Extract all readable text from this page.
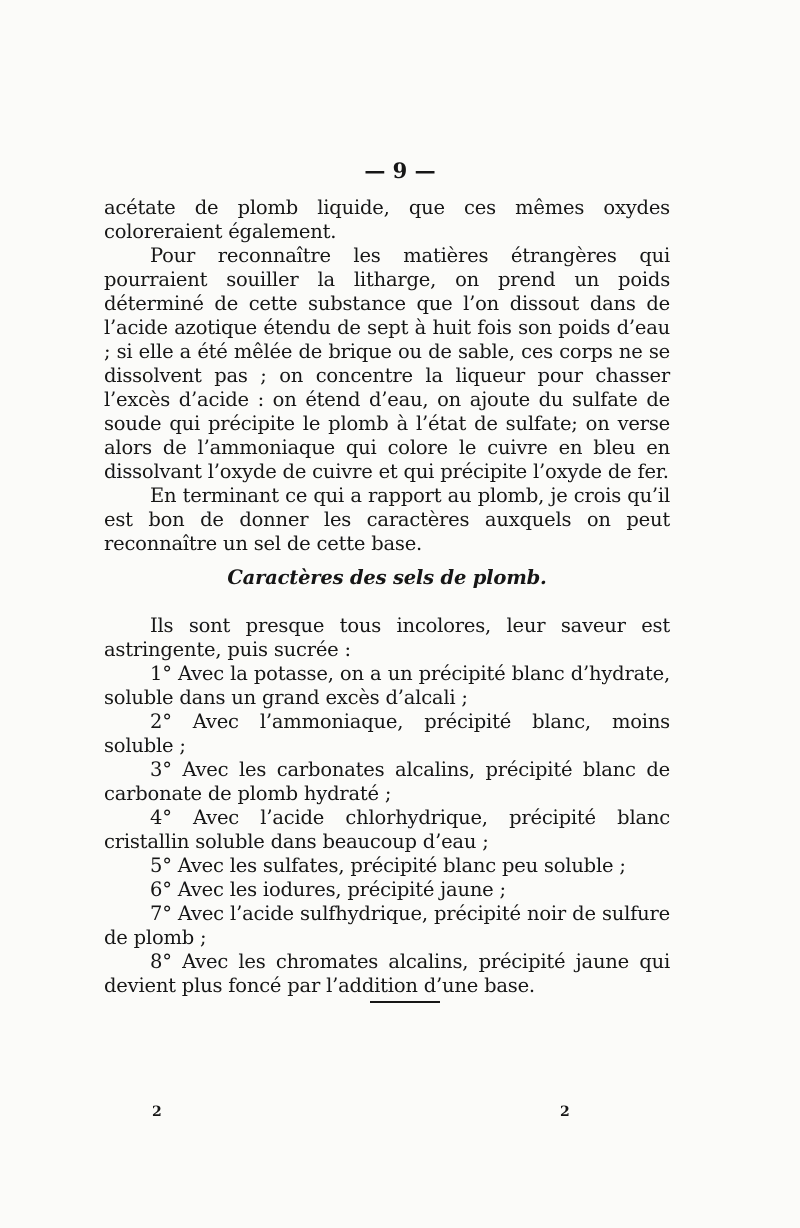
— 9 —

acétate de plomb liquide, que ces mêmes oxydes coloreraient également.

Pour reconnaître les matières étrangères qui pourraient souiller la litharge, on prend un poids déterminé de cette substance que l’on dissout dans de l’acide azotique étendu de sept à huit fois son poids d’eau ; si elle a été mêlée de brique ou de sable, ces corps ne se dissolvent pas ; on concentre la liqueur pour chasser l’excès d’acide : on étend d’eau, on ajoute du sulfate de soude qui précipite le plomb à l’état de sulfate; on verse alors de l’ammoniaque qui colore le cuivre en bleu en dissolvant l’oxyde de cuivre et qui précipite l’oxyde de fer.

En terminant ce qui a rapport au plomb, je crois qu’il est bon de donner les caractères auxquels on peut reconnaître un sel de cette base.

Caractères des sels de plomb.

Ils sont presque tous incolores, leur saveur est astringente, puis sucrée :

1° Avec la potasse, on a un précipité blanc d’hydrate, soluble dans un grand excès d’alcali ;

2° Avec l’ammoniaque, précipité blanc, moins soluble ;

3° Avec les carbonates alcalins, précipité blanc de carbonate de plomb hydraté ;

4° Avec l’acide chlorhydrique, précipité blanc cristallin soluble dans beaucoup d’eau ;

5° Avec les sulfates, précipité blanc peu soluble ;

6° Avec les iodures, précipité jaune ;

7° Avec l’acide sulfhydrique, précipité noir de sulfure de plomb ;

8° Avec les chromates alcalins, précipité jaune qui devient plus foncé par l’addition d’une base.

2	2
